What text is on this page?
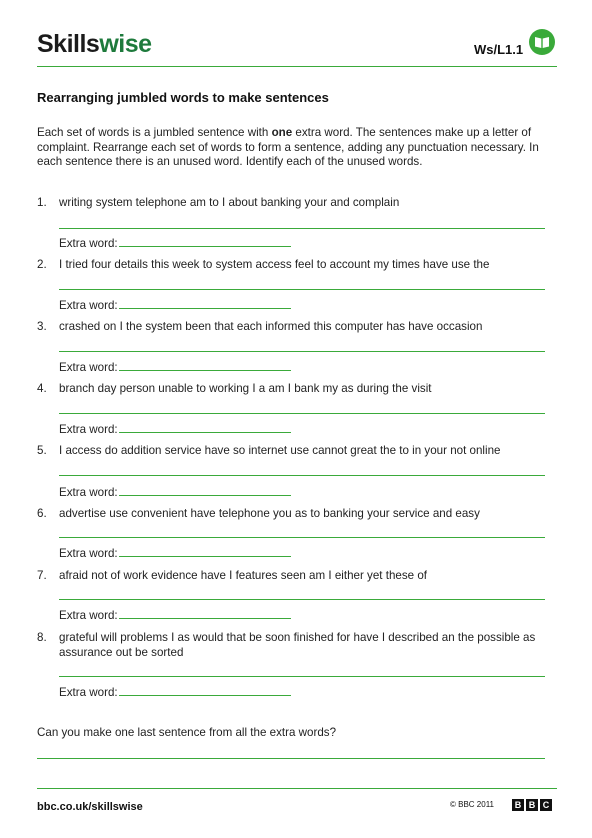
Skillswise	Ws/L1.1
Rearranging jumbled words to make sentences
Each set of words is a jumbled sentence with one extra word. The sentences make up a letter of complaint. Rearrange each set of words to form a sentence, adding any punctuation necessary. In each sentence there is an unused word. Identify each of the unused words.
1. writing system telephone am to I about banking your and complain
Extra word:
2. I tried four details this week to system access feel to account my times have use the
Extra word:
3. crashed on I the system been that each informed this computer has have occasion
Extra word:
4. branch day person unable to working I a am I bank my as during the visit
Extra word:
5. I access do addition service have so internet use cannot great the to in your not online
Extra word:
6. advertise use convenient have telephone you as to banking your service and easy
Extra word:
7. afraid not of work evidence have I features seen am I either yet these of
Extra word:
8. grateful will problems I as would that be soon finished for have I described an the possible as assurance out be sorted
Extra word:
Can you make one last sentence from all the extra words?
bbc.co.uk/skillswise	© BBC 2011	B B C
